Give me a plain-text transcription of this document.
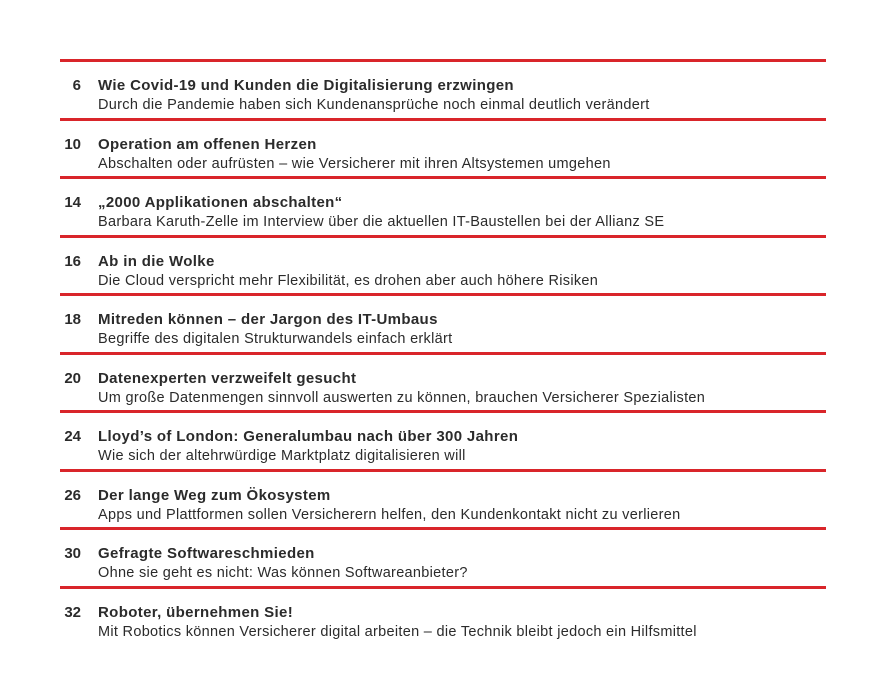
6 Wie Covid-19 und Kunden die Digitalisierung erzwingen
Durch die Pandemie haben sich Kundenansprüche noch einmal deutlich verändert
10 Operation am offenen Herzen
Abschalten oder aufrüsten – wie Versicherer mit ihren Altsystemen umgehen
14 „2000 Applikationen abschalten“
Barbara Karuth-Zelle im Interview über die aktuellen IT-Baustellen bei der Allianz SE
16 Ab in die Wolke
Die Cloud verspricht mehr Flexibilität, es drohen aber auch höhere Risiken
18 Mitreden können – der Jargon des IT-Umbaus
Begriffe des digitalen Strukturwandels einfach erklärt
20 Datenexperten verzweifelt gesucht
Um große Datenmengen sinnvoll auswerten zu können, brauchen Versicherer Spezialisten
24 Lloyd’s of London: Generalumbau nach über 300 Jahren
Wie sich der altehrwürdige Marktplatz digitalisieren will
26 Der lange Weg zum Ökosystem
Apps und Plattformen sollen Versicherern helfen, den Kundenkontakt nicht zu verlieren
30 Gefragte Softwareschmieden
Ohne sie geht es nicht: Was können Softwareanbieter?
32 Roboter, übernehmen Sie!
Mit Robotics können Versicherer digital arbeiten – die Technik bleibt jedoch ein Hilfsmittel
